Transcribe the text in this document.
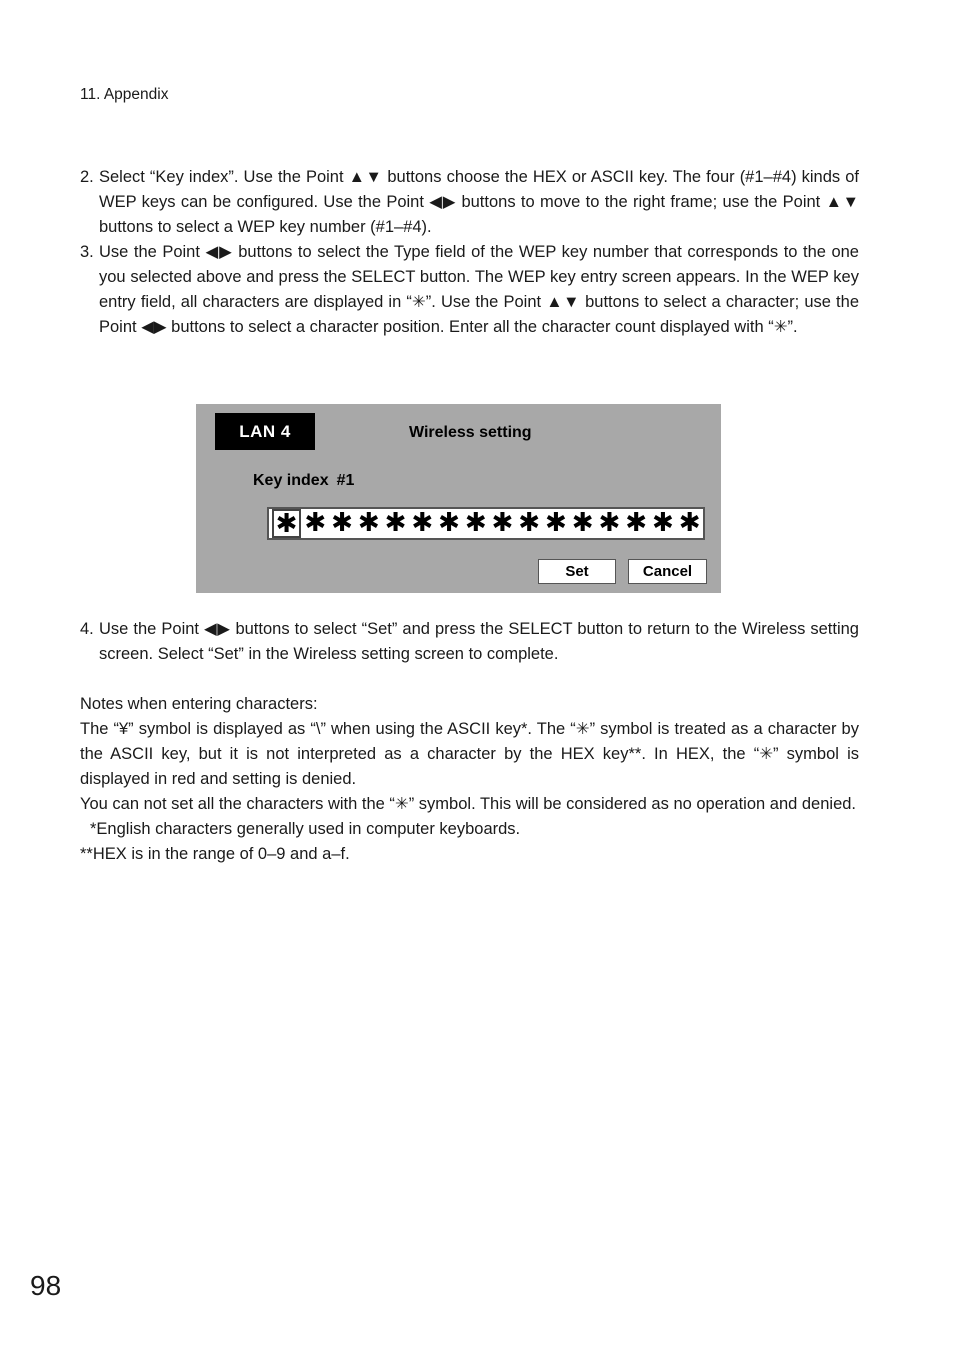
11. Appendix
2. Select “Key index”. Use the Point ▲▼ buttons choose the HEX or ASCII key. The four (#1–#4) kinds of WEP keys can be configured. Use the Point ◀▶ buttons to move to the right frame; use the Point ▲▼ buttons to select a WEP key number (#1–#4).
3. Use the Point ◀▶ buttons to select the Type field of the WEP key number that corresponds to the one you selected above and press the SELECT button. The WEP key entry screen appears. In the WEP key entry field, all characters are displayed in “✳”. Use the Point ▲▼ buttons to select a character; use the Point ◀▶ buttons to select a character position. Enter all the character count displayed with “✳”.
LAN 4	Wireless setting
Key index #1
✱ ✱ ✱ ✱ ✱ ✱ ✱ ✱ ✱ ✱ ✱ ✱ ✱ ✱ ✱ ✱
Set	Cancel
4. Use the Point ◀▶ buttons to select “Set” and press the SELECT button to return to the Wireless setting screen. Select “Set” in the Wireless setting screen to complete.

Notes when entering characters:

The “¥” symbol is displayed as “\” when using the ASCII key*. The “✳” symbol is treated as a character by the ASCII key, but it is not interpreted as a character by the HEX key**. In HEX, the “✳” symbol is displayed in red and setting is denied.

You can not set all the characters with the “✳” symbol. This will be considered as no operation and denied.

*English characters generally used in computer keyboards.

**HEX is in the range of 0–9 and a–f.

98
